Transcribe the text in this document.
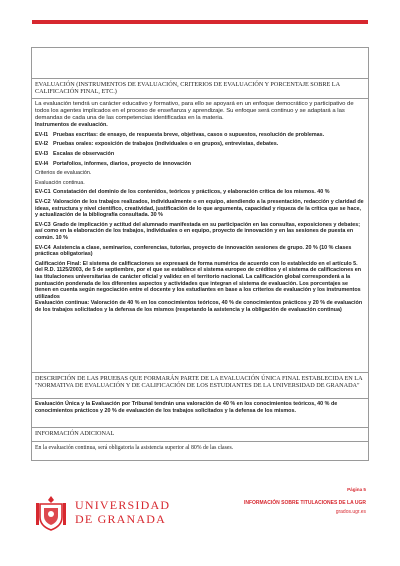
EVALUACIÓN (INSTRUMENTOS DE EVALUACIÓN, CRITERIOS DE EVALUACIÓN Y PORCENTAJE SOBRE LA CALIFICACIÓN FINAL, ETC.)
La evaluación tendrá un carácter educativo y formativo, para ello se apoyará en un enfoque democrático y participativo de todos los agentes implicados en el proceso de enseñanza y aprendizaje. Su enfoque será continuo y se adaptará a las demandas de cada una de las competencias identificadas en la materia.
Instrumentos de evaluación.
EV-I1 Pruebas escritas: de ensayo, de respuesta breve, objetivas, casos o supuestos, resolución de problemas.
EV-I2 Pruebas orales: exposición de trabajos (individuales o en grupos), entrevistas, debates.
EV-I3 Escalas de observación
EV-I4 Portafolios, informes, diarios, proyecto de innovación
Criterios de evaluación.
Evaluación continua.
EV-C1 Constatación del dominio de los contenidos, teóricos y prácticos, y elaboración crítica de los mismos. 40 %
EV-C2 Valoración de los trabajos realizados, individualmente o en equipo, atendiendo a la presentación, redacción y claridad de ideas, estructura y nivel científico, creatividad, justificación de lo que argumenta, capacidad y riqueza de la crítica que se hace, y actualización de la bibliografía consultada. 30 %
EV-C3 Grado de implicación y actitud del alumnado manifestada en su participación en las consultas, exposiciones y debates; así como en la elaboración de los trabajos, individuales o en equipo, proyecto de innovación y en las sesiones de puesta en común. 10 %
EV-C4 Asistencia a clase, seminarios, conferencias, tutorías, proyecto de innovación sesiones de grupo. 20 % (10 % clases prácticas obligatorias)
Calificación Final: El sistema de calificaciones se expresará de forma numérica de acuerdo con lo establecido en el artículo 5. del R.D. 1125/2003, de 5 de septiembre, por el que se establece el sistema europeo de créditos y el sistema de calificaciones en las titulaciones universitarias de carácter oficial y validez en el territorio nacional. La calificación global corresponderá a la puntuación ponderada de los diferentes aspectos y actividades que integran el sistema de evaluación. Los porcentajes se tienen en cuenta según negociación entre el docente y los estudiantes en base a los criterios de evaluación y los instrumentos utilizados
Evaluación continua: Valoración de 40 % en los conocimientos teóricos, 40 % de conocimientos prácticos y 20 % de evaluación de los trabajos solicitados y la defensa de los mismos (respetando la asistencia y la obligación de evaluación continua)
DESCRIPCIÓN DE LAS PRUEBAS QUE FORMARÁN PARTE DE LA EVALUACIÓN ÚNICA FINAL ESTABLECIDA EN LA "NORMATIVA DE EVALUACIÓN Y DE CALIFICACIÓN DE LOS ESTUDIANTES DE LA UNIVERSIDAD DE GRANADA"
Evaluación Única y la Evaluación por Tribunal tendrán una valoración de 40 % en los conocimientos teóricos, 40 % de conocimientos prácticos y 20 % de evaluación de los trabajos solicitados y la defensa de los mismos.
INFORMACIÓN ADICIONAL
En la evaluación continua, será obligatoria la asistencia superior al 80% de las clases.
UNIVERSIDAD
DE GRANADA
Página 5
INFORMACIÓN SOBRE TITULACIONES DE LA UGR
grados.ugr.es
